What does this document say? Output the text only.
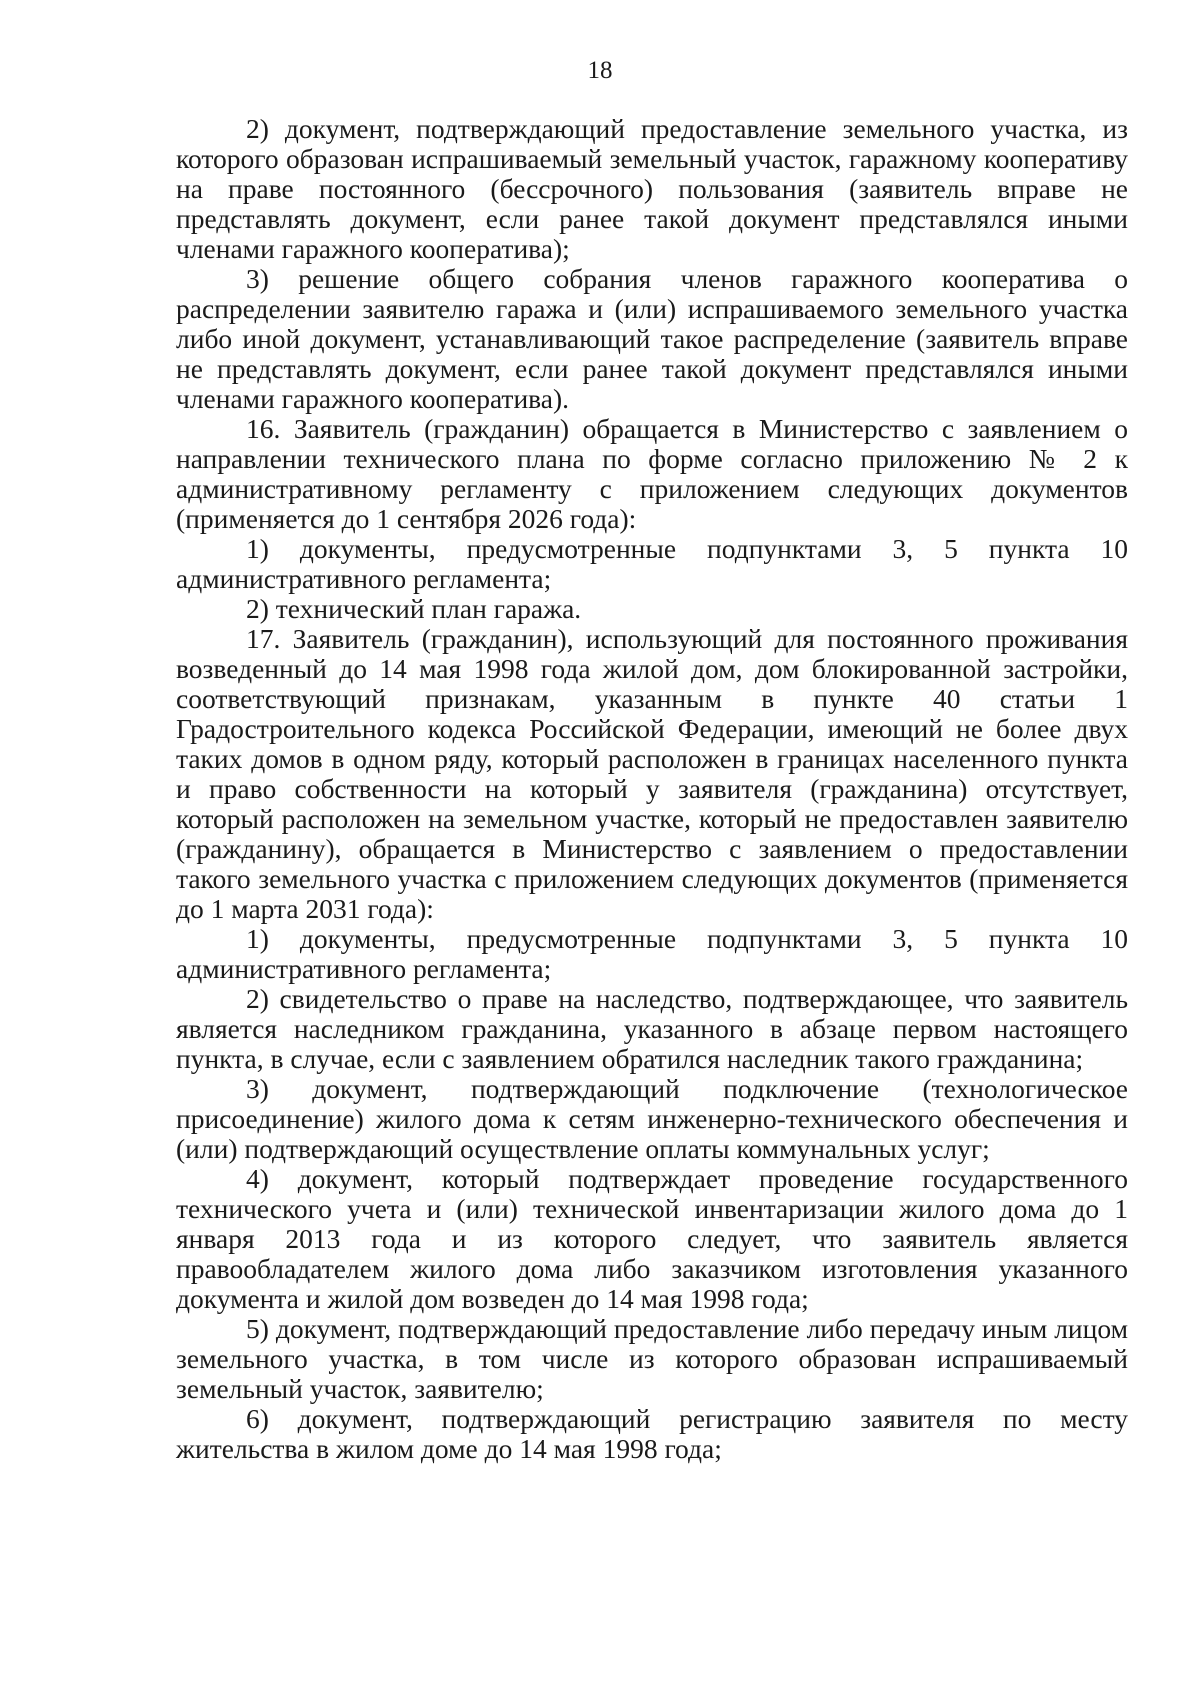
18

2) документ, подтверждающий предоставление земельного участка, из которого образован испрашиваемый земельный участок, гаражному кооперативу на праве постоянного (бессрочного) пользования (заявитель вправе не представлять документ, если ранее такой документ представлялся иными членами гаражного кооператива);

3) решение общего собрания членов гаражного кооператива о распределении заявителю гаража и (или) испрашиваемого земельного участка либо иной документ, устанавливающий такое распределение (заявитель вправе не представлять документ, если ранее такой документ представлялся иными членами гаражного кооператива).

16. Заявитель (гражданин) обращается в Министерство с заявлением о направлении технического плана по форме согласно приложению № 2 к административному регламенту с приложением следующих документов (применяется до 1 сентября 2026 года):

1) документы, предусмотренные подпунктами 3, 5 пункта 10 административного регламента;

2) технический план гаража.

17. Заявитель (гражданин), использующий для постоянного проживания возведенный до 14 мая 1998 года жилой дом, дом блокированной застройки, соответствующий признакам, указанным в пункте 40 статьи 1 Градостроительного кодекса Российской Федерации, имеющий не более двух таких домов в одном ряду, который расположен в границах населенного пункта и право собственности на который у заявителя (гражданина) отсутствует, который расположен на земельном участке, который не предоставлен заявителю (гражданину), обращается в Министерство с заявлением о предоставлении такого земельного участка с приложением следующих документов (применяется до 1 марта 2031 года):

1) документы, предусмотренные подпунктами 3, 5 пункта 10 административного регламента;

2) свидетельство о праве на наследство, подтверждающее, что заявитель является наследником гражданина, указанного в абзаце первом настоящего пункта, в случае, если с заявлением обратился наследник такого гражданина;

3) документ, подтверждающий подключение (технологическое присоединение) жилого дома к сетям инженерно-технического обеспечения и (или) подтверждающий осуществление оплаты коммунальных услуг;

4) документ, который подтверждает проведение государственного технического учета и (или) технической инвентаризации жилого дома до 1 января 2013 года и из которого следует, что заявитель является правообладателем жилого дома либо заказчиком изготовления указанного документа и жилой дом возведен до 14 мая 1998 года;

5) документ, подтверждающий предоставление либо передачу иным лицом земельного участка, в том числе из которого образован испрашиваемый земельный участок, заявителю;

6) документ, подтверждающий регистрацию заявителя по месту жительства в жилом доме до 14 мая 1998 года;
